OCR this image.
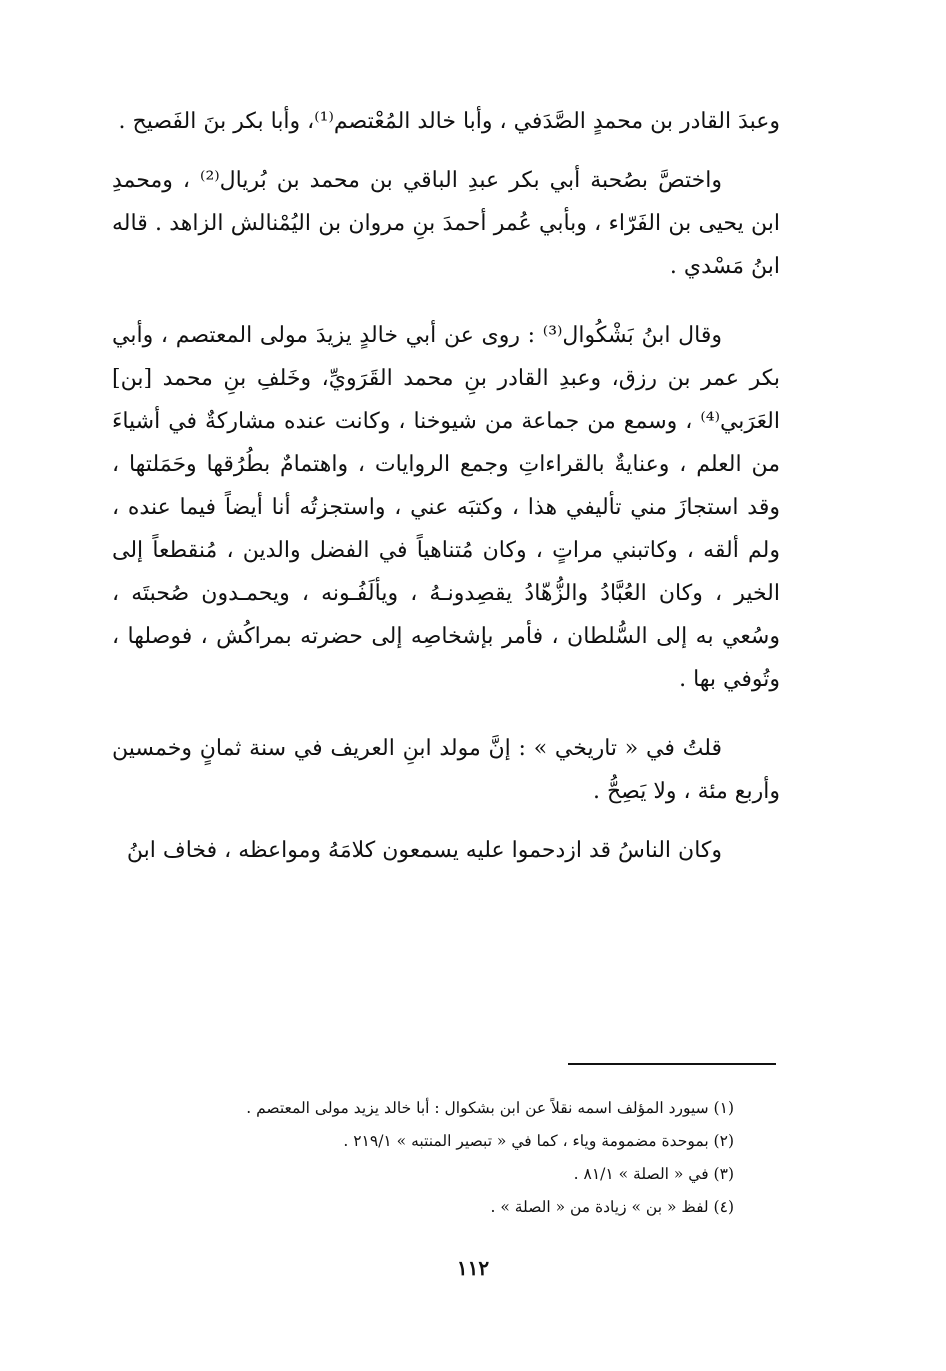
وعبدَ القادر بن محمدٍ الصَّدَفي ، وأبا خالد المُعْتصم⁽¹⁾، وأبا بكر بنَ الفَصيح .

واختصَّ بصُحبة أبي بكر عبدِ الباقي بن محمد بن بُريال⁽²⁾ ، ومحمدِ ابن يحيى بن الفَرّاء ، وبأبي عُمر أحمدَ بنِ مروان بن اليُمْنالش الزاهد . قاله ابنُ مَسْدي .

وقال ابنُ بَشْكُوال⁽³⁾ : روى عن أبي خالدٍ يزيدَ مولى المعتصم ، وأبي بكر عمر بن رزق، وعبدِ القادر بنِ محمد القَرَويِّ، وخَلفِ بنِ محمد [بن] العَرَبي⁽⁴⁾ ، وسمع من جماعة من شيوخنا ، وكانت عنده مشاركةٌ في أشياءَ من العلم ، وعنايةٌ بالقراءاتِ وجمع الروايات ، واهتمامٌ بطُرُقها وحَمَلتها ، وقد استجازَ مني تأليفي هذا ، وكتبَه عني ، واستجزتُه أنا أيضاً فيما عنده ، ولم ألقه ، وكاتبني مراتٍ ، وكان مُتناهياً في الفضل والدين ، مُنقطعاً إلى الخير ، وكان العُبَّادُ والزُّهّادُ يقصِدونـهُ ، ويألَفُـونه ، ويحمـدون صُحبتَه ، وسُعي به إلى السُّلطان ، فأمر بإشخاصِه إلى حضرته بمراكُش ، فوصلها ، وتُوفي بها .

قلتُ في « تاريخي » : إنَّ مولد ابنِ العريف في سنة ثمانٍ وخمسين وأربع مئة ، ولا يَصِحُّ .

وكان الناسُ قد ازدحموا عليه يسمعون كلامَهُ ومواعظه ، فخاف ابنُ

(١) سيورد المؤلف اسمه نقلاً عن ابن بشكوال : أبا خالد يزيد مولى المعتصم .

(٢) بموحدة مضمومة وياء ، كما في « تبصير المنتبه » ٢١٩/١ .

(٣) في « الصلة » ٨١/١ .

(٤) لفظ « بن » زيادة من « الصلة » .

١١٢
